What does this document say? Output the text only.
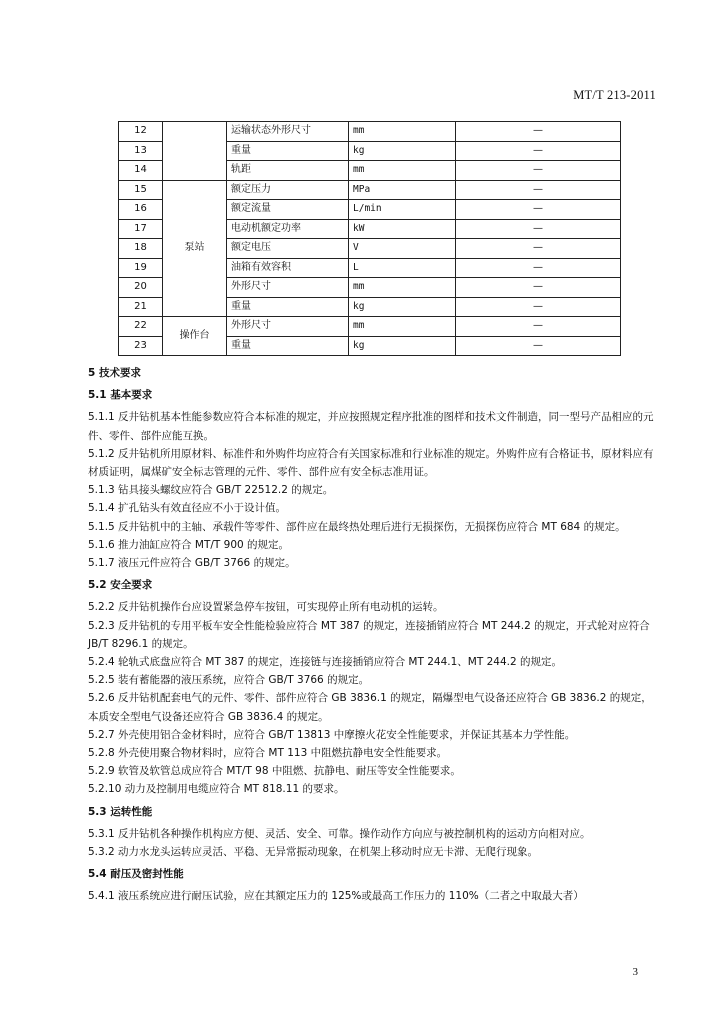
MT/T 213-2011
12		运输状态外形尺寸	mm	—
13		重量	kg	—
14		轨距	mm	—
15	泵站	额定压力	MPa	—
16		额定流量	L/min	—
17		电动机额定功率	kW	—
18		额定电压	V	—
19		油箱有效容积	L	—
20		外形尺寸	mm	—
21		重量	kg	—
22	操作台	外形尺寸	mm	—
23		重量	kg	—

5 技术要求

5.1 基本要求

5.1.1 反井钻机基本性能参数应符合本标准的规定，并应按照规定程序批准的图样和技术文件制造，同一型号产品相应的元件、零件、部件应能互换。

5.1.2 反井钻机所用原材料、标准件和外购件均应符合有关国家标准和行业标准的规定。外购件应有合格证书，原材料应有材质证明，属煤矿安全标志管理的元件、零件、部件应有安全标志准用证。

5.1.3 钻具接头螺纹应符合 GB/T 22512.2 的规定。

5.1.4 扩孔钻头有效直径应不小于设计值。

5.1.5 反井钻机中的主轴、承载件等零件、部件应在最终热处理后进行无损探伤，无损探伤应符合 MT 684 的规定。

5.1.6 推力油缸应符合 MT/T 900 的规定。

5.1.7 液压元件应符合 GB/T 3766 的规定。

5.2 安全要求

5.2.2 反井钻机操作台应设置紧急停车按钮，可实现停止所有电动机的运转。

5.2.3 反井钻机的专用平板车安全性能检验应符合 MT 387 的规定，连接插销应符合 MT 244.2 的规定，开式轮对应符合 JB/T 8296.1 的规定。

5.2.4 轮轨式底盘应符合 MT 387 的规定，连接链与连接插销应符合 MT 244.1、MT 244.2 的规定。

5.2.5 装有蓄能器的液压系统，应符合 GB/T 3766 的规定。

5.2.6 反井钻机配套电气的元件、零件、部件应符合 GB 3836.1 的规定，隔爆型电气设备还应符合 GB 3836.2 的规定，本质安全型电气设备还应符合 GB 3836.4 的规定。

5.2.7 外壳使用铝合金材料时，应符合 GB/T 13813 中摩擦火花安全性能要求，并保证其基本力学性能。

5.2.8 外壳使用聚合物材料时，应符合 MT 113 中阻燃抗静电安全性能要求。

5.2.9 软管及软管总成应符合 MT/T 98 中阻燃、抗静电、耐压等安全性能要求。

5.2.10 动力及控制用电缆应符合 MT 818.11 的要求。

5.3 运转性能

5.3.1 反井钻机各种操作机构应方便、灵活、安全、可靠。操作动作方向应与被控制机构的运动方向相对应。

5.3.2 动力水龙头运转应灵活、平稳、无异常振动现象，在机架上移动时应无卡滞、无爬行现象。

5.4 耐压及密封性能

5.4.1 液压系统应进行耐压试验，应在其额定压力的 125%或最高工作压力的 110%（二者之中取最大者）

3
